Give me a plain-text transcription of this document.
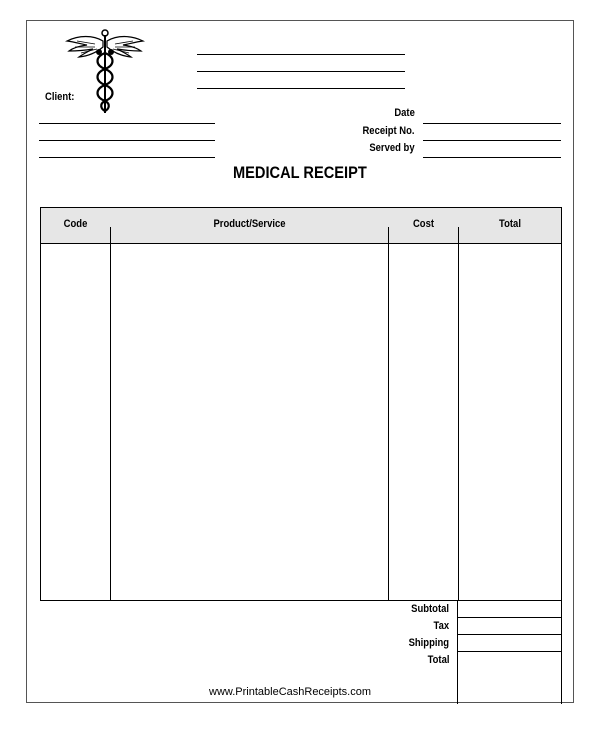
Client:
Date
Receipt No.
Served by
MEDICAL RECEIPT
Code	Product/Service	Cost	Total
Subtotal
Tax
Shipping
Total
www.PrintableCashReceipts.com
